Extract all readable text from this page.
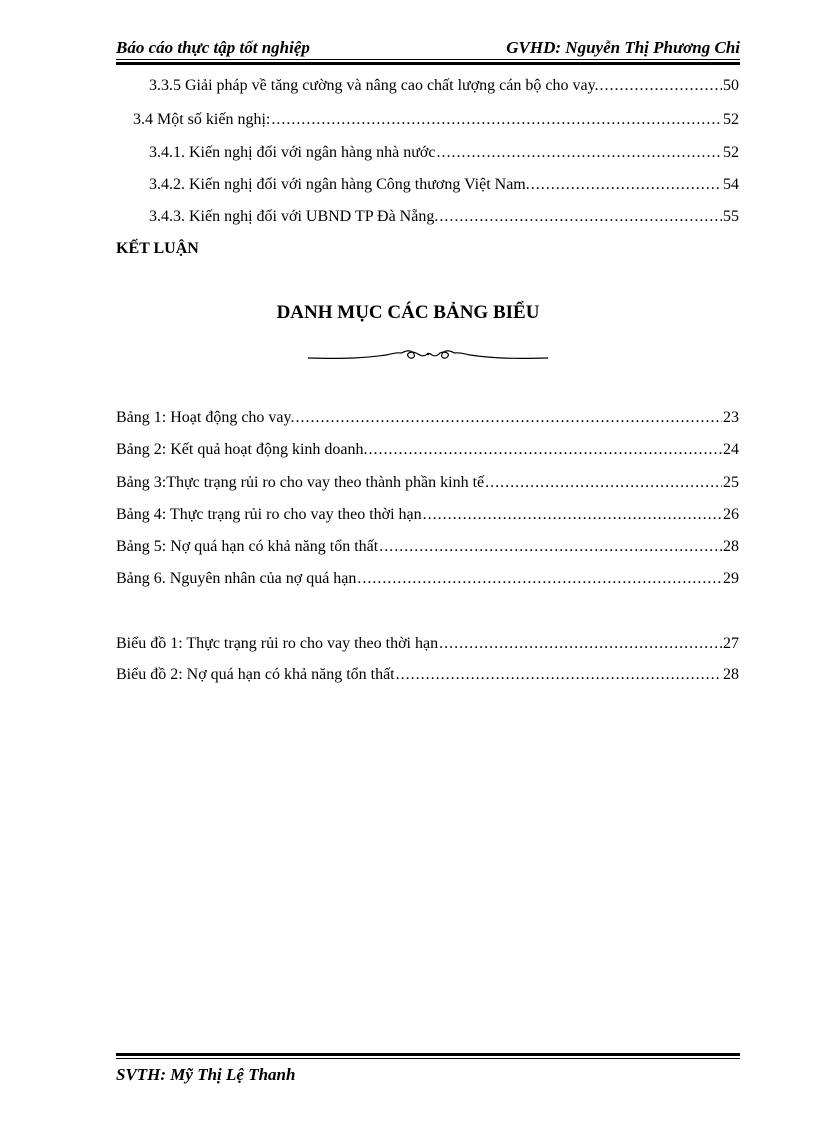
Báo cáo thực tập tốt nghiệp	GVHD: Nguyễn Thị Phương Chi
3.3.5 Giải pháp về tăng cường và nâng cao chất lượng cán bộ cho vay. .....	50
3.4 Một số kiến nghị: .....	52
3.4.1. Kiến nghị đối với ngân hàng nhà nước .....	52
3.4.2. Kiến nghị đối với ngân hàng Công thương Việt Nam. .....	54
3.4.3. Kiến nghị đối với UBND TP Đà Nẵng. .....	55
KẾT LUẬN
DANH MỤC CÁC BẢNG BIỂU
Bảng 1: Hoạt động cho vay. .....	23
Bảng 2: Kết quả hoạt động kinh doanh. .....	24
Bảng 3:Thực trạng rủi ro cho vay theo thành phần kinh tế .....	25
Bảng 4: Thực trạng rủi ro cho vay theo thời hạn .....	26
Bảng 5: Nợ quá hạn có khả năng tổn thất .....	28
Bảng 6. Nguyên nhân của nợ quá hạn .....	29
Biểu đồ 1: Thực trạng rủi ro cho vay theo thời hạn .....	27
Biểu đồ 2: Nợ quá hạn có khả năng tổn thất .....	28
SVTH: Mỹ Thị Lệ Thanh
